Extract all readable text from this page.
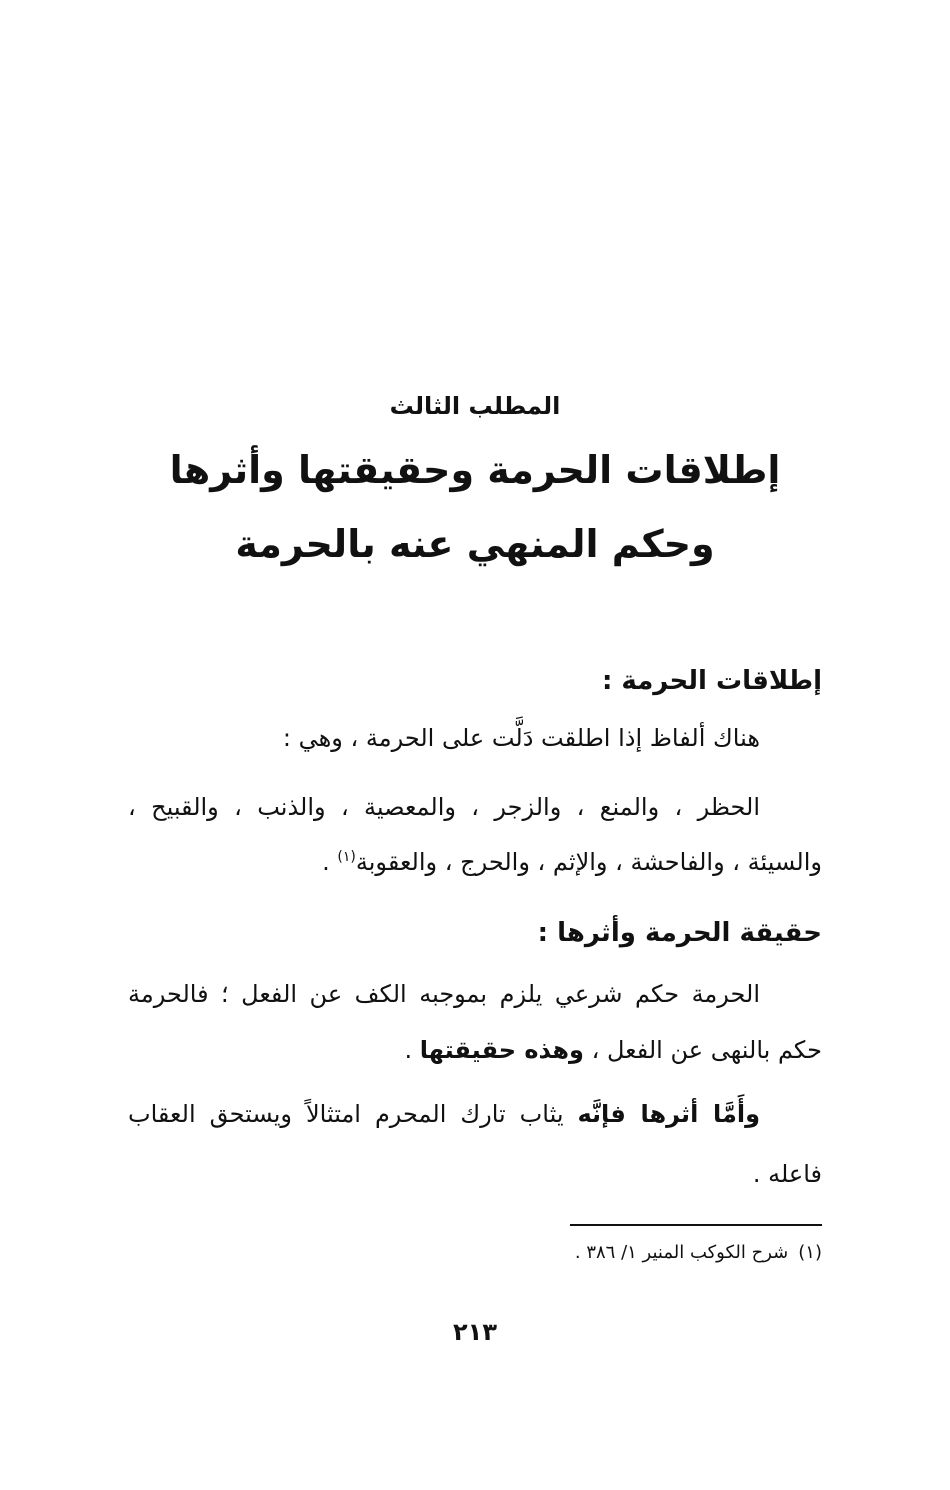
المطلب الثالث
إطلاقات الحرمة وحقيقتها وأثرها
وحكم المنهي عنه بالحرمة
إطلاقات الحرمة :
هناك ألفاظ إذا اطلقت دَلَّت على الحرمة ، وهي :
الحظر ، والمنع ، والزجر ، والمعصية ، والذنب ، والقبيح ،
والسيئة ، والفاحشة ، والإثم ، والحرج ، والعقوبة$^{(١)}$ .
حقيقة الحرمة وأثرها :
الحرمة حكم شرعي يلزم بموجبه الكف عن الفعل ؛ فالحرمة
حكم بالنهى عن الفعل ، وهذه حقيقتها .
وأَمَّا أثرها فإنَّه يثاب تارك المحرم امتثالاً ويستحق العقاب
فاعله .
(١)شرح الكوكب المنير ١/ ٣٨٦ .
٢١٣
